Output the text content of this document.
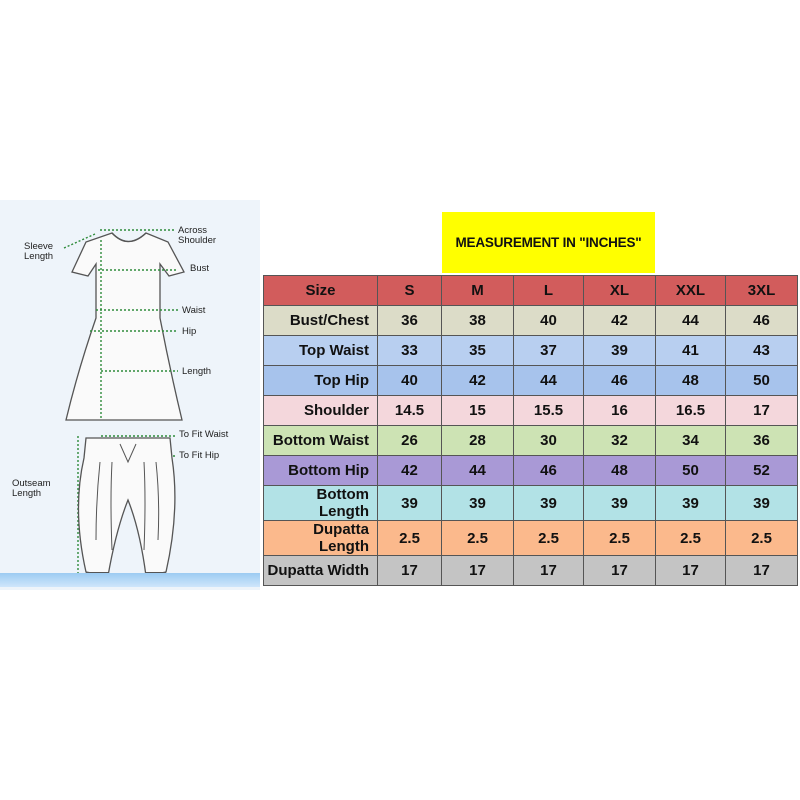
Across
Shoulder
Sleeve
Length
Bust
Waist
Hip
Length
To Fit Waist
To Fit Hip
Outseam
Length
MEASUREMENT IN "INCHES"
Size	S	M	L	XL	XXL	3XL
Bust/Chest	36	38	40	42	44	46
Top Waist	33	35	37	39	41	43
Top Hip	40	42	44	46	48	50
Shoulder	14.5	15	15.5	16	16.5	17
Bottom Waist	26	28	30	32	34	36
Bottom Hip	42	44	46	48	50	52
Bottom Length	39	39	39	39	39	39
Dupatta Length	2.5	2.5	2.5	2.5	2.5	2.5
Dupatta Width	17	17	17	17	17	17
